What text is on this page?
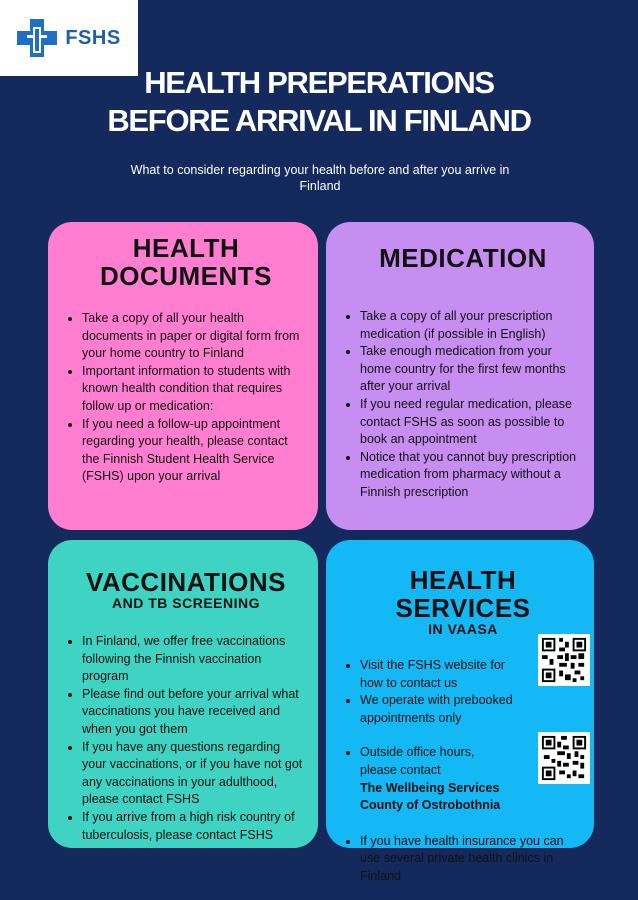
FSHS
HEALTH PREPERATIONS
BEFORE ARRIVAL IN FINLAND
What to consider regarding your health before and after you arrive in Finland
HEALTH
DOCUMENTS
• Take a copy of all your health documents in paper or digital form from your home country to Finland
• Important information to students with known health condition that requires follow up or medication:
• If you need a follow-up appointment regarding your health, please contact the Finnish Student Health Service (FSHS) upon your arrival
MEDICATION
• Take a copy of all your prescription medication (if possible in English)
• Take enough medication from your home country for the first few months after your arrival
• If you need regular medication, please contact FSHS as soon as possible to book an appointment
• Notice that you cannot buy prescription medication from pharmacy without a Finnish prescription
VACCINATIONS
AND TB SCREENING
• In Finland, we offer free vaccinations following the Finnish vaccination program
• Please find out before your arrival what vaccinations you have received and when you got them
• If you have any questions regarding your vaccinations, or if you have not got any vaccinations in your adulthood, please contact FSHS
• If you arrive from a high risk country of tuberculosis, please contact FSHS
HEALTH SERVICES
IN VAASA
• Visit the FSHS website for how to contact us
• We operate with prebooked appointments only
• Outside office hours, please contact
The Wellbeing Services County of Ostrobothnia
• If you have health insurance you can use several private health clinics in Finland
